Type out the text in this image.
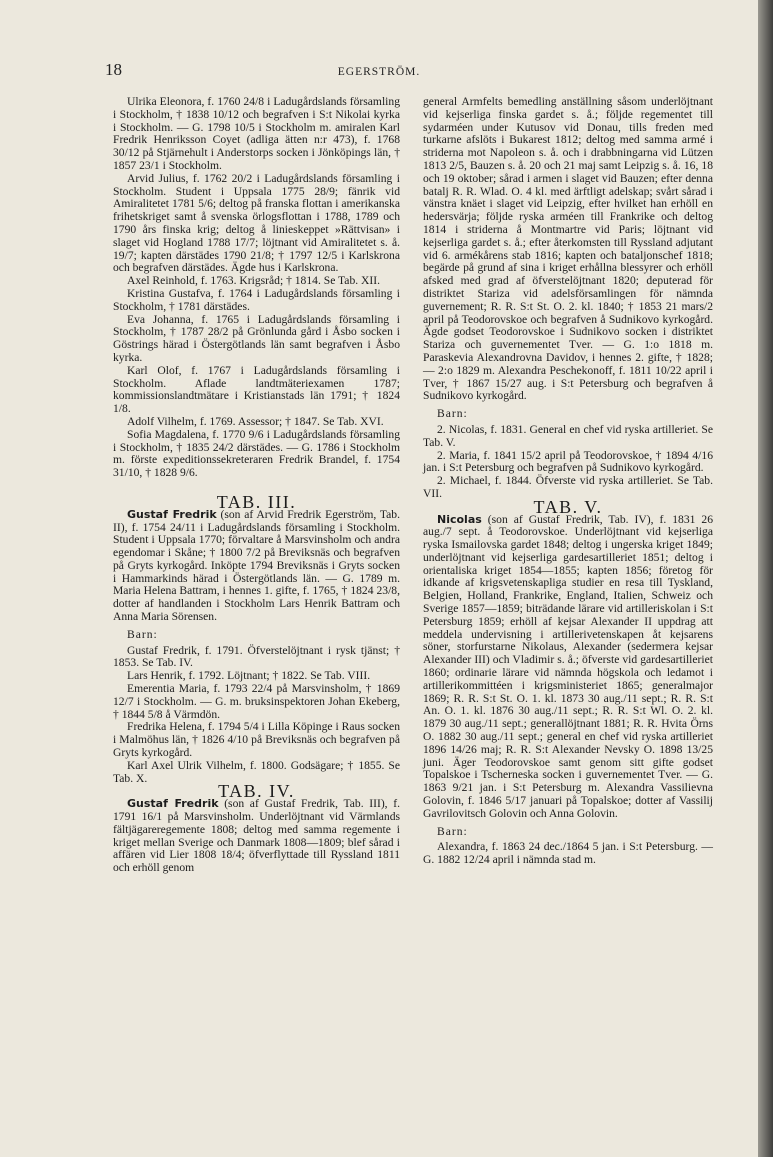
18	EGERSTRÖM.

Ulrika Eleonora, f. 1760 24/8 i Ladugårdslands församling i Stockholm, † 1838 10/12 och begrafven i S:t Nikolai kyrka i Stockholm. — G. 1798 10/5 i Stockholm m. amiralen Karl Fredrik Henriksson Coyet (adliga ätten n:r 473), f. 1768 30/12 på Stjärnehult i Anderstorps socken i Jönköpings län, † 1857 23/1 i Stockholm.

Arvid Julius, f. 1762 20/2 i Ladugårdslands församling i Stockholm. Student i Uppsala 1775 28/9; fänrik vid Amiralitetet 1781 5/6; deltog på franska flottan i amerikanska frihetskriget samt å svenska örlogsflottan i 1788, 1789 och 1790 års finska krig; deltog å linieskeppet »Rättvisan» i slaget vid Hogland 1788 17/7; löjtnant vid Amiralitetet s. å. 19/7; kapten därstädes 1790 21/8; † 1797 12/5 i Karlskrona och begrafven därstädes. Ägde hus i Karlskrona.

Axel Reinhold, f. 1763. Krigsråd; † 1814. Se Tab. XII.

Kristina Gustafva, f. 1764 i Ladugårdslands församling i Stockholm, † 1781 därstädes.

Eva Johanna, f. 1765 i Ladugårdslands församling i Stockholm, † 1787 28/2 på Grönlunda gård i Åsbo socken i Göstrings härad i Östergötlands län samt begrafven i Åsbo kyrka.

Karl Olof, f. 1767 i Ladugårdslands församling i Stockholm. Aflade landtmäteriexamen 1787; kommissionslandtmätare i Kristianstads län 1791; † 1824 1/8.

Adolf Vilhelm, f. 1769. Assessor; † 1847. Se Tab. XVI.

Sofia Magdalena, f. 1770 9/6 i Ladugårdslands församling i Stockholm, † 1835 24/2 därstädes. — G. 1786 i Stockholm m. förste expeditionssekreteraren Fredrik Brandel, f. 1754 31/10, † 1828 9/6.

TAB. III.

Gustaf Fredrik (son af Arvid Fredrik Egerström, Tab. II), f. 1754 24/11 i Ladugårdslands församling i Stockholm. Student i Uppsala 1770; förvaltare å Marsvinsholm och andra egendomar i Skåne; † 1800 7/2 på Breviksnäs och begrafven på Gryts kyrkogård. Inköpte 1794 Breviksnäs i Gryts socken i Hammarkinds härad i Östergötlands län. — G. 1789 m. Maria Helena Battram, i hennes 1. gifte, f. 1765, † 1824 23/8, dotter af handlanden i Stockholm Lars Henrik Battram och Anna Maria Sörensen.

Barn:

Gustaf Fredrik, f. 1791. Öfverstelöjtnant i rysk tjänst; † 1853. Se Tab. IV.

Lars Henrik, f. 1792. Löjtnant; † 1822. Se Tab. VIII.

Emerentia Maria, f. 1793 22/4 på Marsvinsholm, † 1869 12/7 i Stockholm. — G. m. bruksinspektoren Johan Ekeberg, † 1844 5/8 å Värmdön.

Fredrika Helena, f. 1794 5/4 i Lilla Köpinge i Raus socken i Malmöhus län, † 1826 4/10 på Breviksnäs och begrafven på Gryts kyrkogård.

Karl Axel Ulrik Vilhelm, f. 1800. Godsägare; † 1855. Se Tab. X.

TAB. IV.

Gustaf Fredrik (son af Gustaf Fredrik, Tab. III), f. 1791 16/1 på Marsvinsholm. Underlöjtnant vid Värmlands fältjägareregemente 1808; deltog med samma regemente i kriget mellan Sverige och Danmark 1808—1809; blef sårad i affären vid Lier 1808 18/4; öfverflyttade till Ryssland 1811 och erhöll genom

general Armfelts bemedling anställning såsom underlöjtnant vid kejserliga finska gardet s. å.; följde regementet till sydarméen under Kutusov vid Donau, tills freden med turkarne afslöts i Bukarest 1812; deltog med samma armé i striderna mot Napoleon s. å. och i drabbningarna vid Lützen 1813 2/5, Bauzen s. å. 20 och 21 maj samt Leipzig s. å. 16, 18 och 19 oktober; sårad i armen i slaget vid Bauzen; efter denna batalj R. R. Wlad. O. 4 kl. med ärftligt adelskap; svårt sårad i vänstra knäet i slaget vid Leipzig, efter hvilket han erhöll en hedersvärja; följde ryska arméen till Frankrike och deltog 1814 i striderna å Montmartre vid Paris; löjtnant vid kejserliga gardet s. å.; efter återkomsten till Ryssland adjutant vid 6. armékårens stab 1816; kapten och bataljonschef 1818; begärde på grund af sina i kriget erhållna blessyrer och erhöll afsked med grad af öfverstelöjtnant 1820; deputerad för distriktet Stariza vid adelsförsamlingen för nämnda guvernement; R. R. S:t St. O. 2. kl. 1840; † 1853 21 mars/2 april på Teodorovskoe och begrafven å Sudnikovo kyrkogård. Ägde godset Teodorovskoe i Sudnikovo socken i distriktet Stariza och guvernementet Tver. — G. 1:o 1818 m. Paraskevia Alexandrovna Davidov, i hennes 2. gifte, † 1828; — 2:o 1829 m. Alexandra Peschekonoff, f. 1811 10/22 april i Tver, † 1867 15/27 aug. i S:t Petersburg och begrafven å Sudnikovo kyrkogård.

Barn:

2. Nicolas, f. 1831. General en chef vid ryska artilleriet. Se Tab. V.

2. Maria, f. 1841 15/2 april på Teodorovskoe, † 1894 4/16 jan. i S:t Petersburg och begrafven på Sudnikovo kyrkogård.

2. Michael, f. 1844. Öfverste vid ryska artilleriet. Se Tab. VII.

TAB. V.

Nicolas (son af Gustaf Fredrik, Tab. IV), f. 1831 26 aug./7 sept. å Teodorovskoe. Underlöjtnant vid kejserliga ryska Ismailovska gardet 1848; deltog i ungerska kriget 1849; underlöjtnant vid kejserliga gardesartilleriet 1851; deltog i orientaliska kriget 1854—1855; kapten 1856; företog för idkande af krigsvetenskapliga studier en resa till Tyskland, Belgien, Holland, Frankrike, England, Italien, Schweiz och Sverige 1857—1859; biträdande lärare vid artilleriskolan i S:t Petersburg 1859; erhöll af kejsar Alexander II uppdrag att meddela undervisning i artillerivetenskapen åt kejsarens söner, storfurstarne Nikolaus, Alexander (sedermera kejsar Alexander III) och Vladimir s. å.; öfverste vid gardesartilleriet 1860; ordinarie lärare vid nämnda högskola och ledamot i artillerikommittéen i krigsministeriet 1865; generalmajor 1869; R. R. S:t St. O. 1. kl. 1873 30 aug./11 sept.; R. R. S:t An. O. 1. kl. 1876 30 aug./11 sept.; R. R. S:t Wl. O. 2. kl. 1879 30 aug./11 sept.; generallöjtnant 1881; R. R. Hvita Örns O. 1882 30 aug./11 sept.; general en chef vid ryska artilleriet 1896 14/26 maj; R. R. S:t Alexander Nevsky O. 1898 13/25 juni. Äger Teodorovskoe samt genom sitt gifte godset Topalskoe i Tscherneska socken i guvernementet Tver. — G. 1863 9/21 jan. i S:t Petersburg m. Alexandra Vassilievna Golovin, f. 1846 5/17 januari på Topalskoe; dotter af Vassilij Gavrilovitsch Golovin och Anna Golovin.

Barn:

Alexandra, f. 1863 24 dec./1864 5 jan. i S:t Petersburg. — G. 1882 12/24 april i nämnda stad m.
